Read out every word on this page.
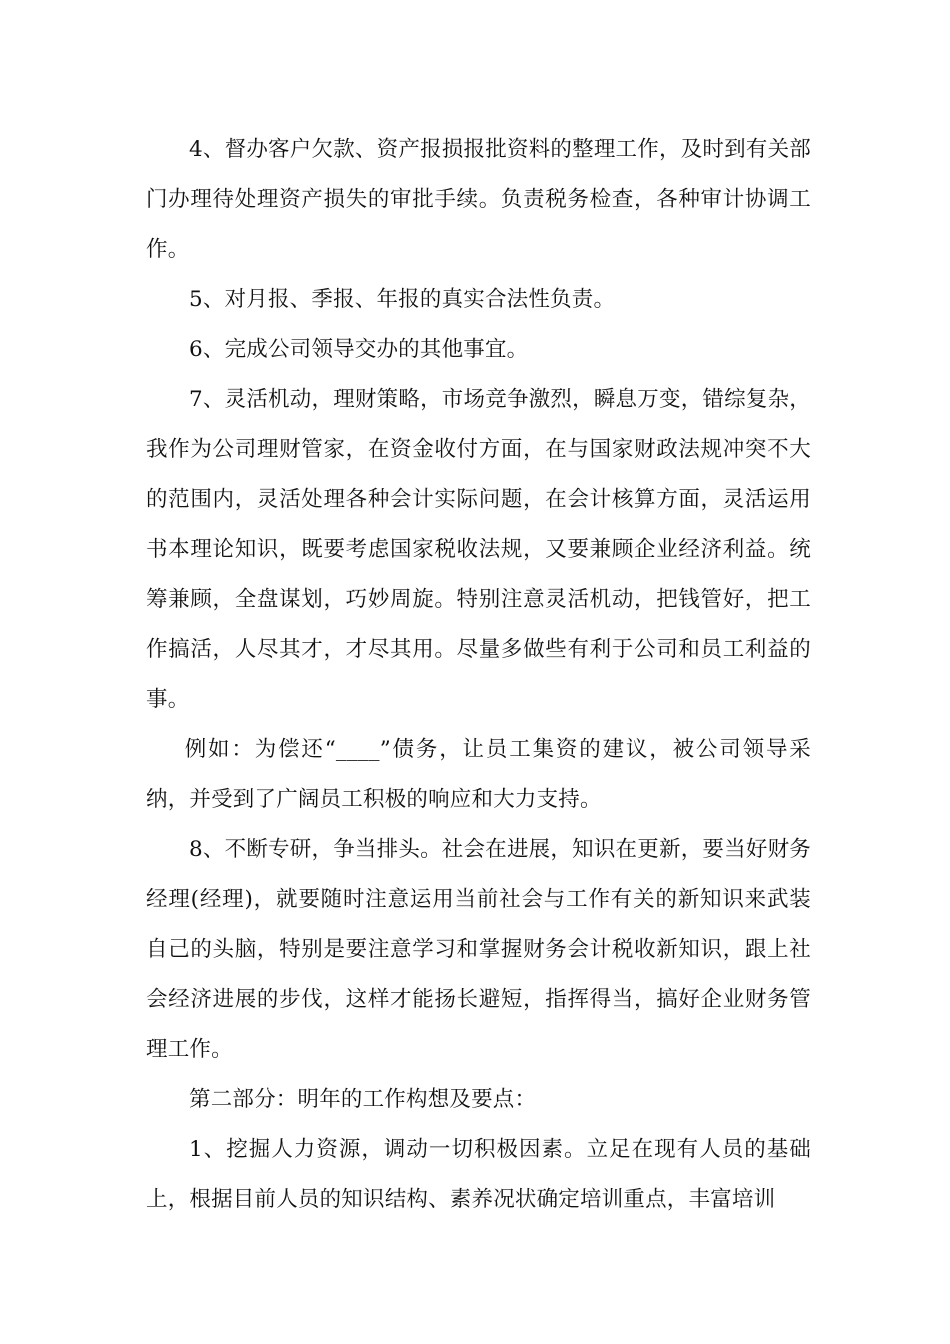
4、督办客户欠款、资产报损报批资料的整理工作，及时到有关部门办理待处理资产损失的审批手续。负责税务检查，各种审计协调工作。

5、对月报、季报、年报的真实合法性负责。

6、完成公司领导交办的其他事宜。

7、灵活机动，理财策略，市场竞争激烈，瞬息万变，错综复杂，我作为公司理财管家，在资金收付方面，在与国家财政法规冲突不大的范围内，灵活处理各种会计实际问题，在会计核算方面，灵活运用书本理论知识，既要考虑国家税收法规，又要兼顾企业经济利益。统筹兼顾，全盘谋划，巧妙周旋。特别注意灵活机动，把钱管好，把工作搞活，人尽其才，才尽其用。尽量多做些有利于公司和员工利益的事。

例如：为偿还“____”债务，让员工集资的建议，被公司领导采纳，并受到了广阔员工积极的响应和大力支持。

8、不断专研，争当排头。社会在进展，知识在更新，要当好财务经理(经理)，就要随时注意运用当前社会与工作有关的新知识来武装自己的头脑，特别是要注意学习和掌握财务会计税收新知识，跟上社会经济进展的步伐，这样才能扬长避短，指挥得当，搞好企业财务管理工作。

第二部分：明年的工作构想及要点：

1、挖掘人力资源，调动一切积极因素。立足在现有人员的基础上，根据目前人员的知识结构、素养况状确定培训重点，丰富培训
